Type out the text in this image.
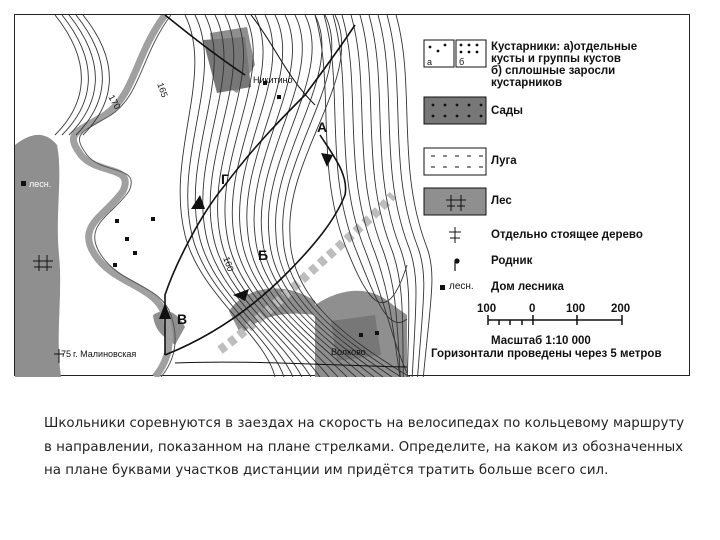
Кустарники: а)отдельные
кусты и группы кустов
б) сплошные заросли
кустарников
а	б
Сады
Луга
Лес
Отдельно стоящее дерево
Родник
лесн. Дом лесника
100	0	100 200
Масштаб 1:10 000
Горизонтали проведены через 5 метров
Никитино
Волково
г. Малиновская
лесн.
165
160
170
75
А
Б
В
Г
Школьники соревнуются в заездах на скорость на велосипедах по кольцевому маршруту в направлении, показанном на плане стрелками. Определите, на каком из обозначенных на плане буквами участков дистанции им придётся тратить больше всего сил.
